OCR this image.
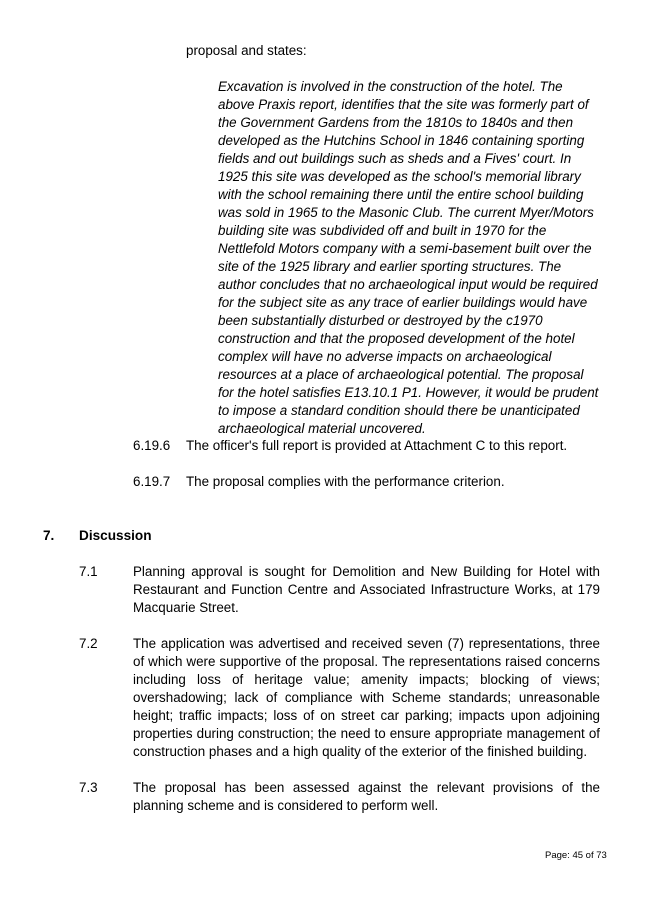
proposal and states:
Excavation is involved in the construction of the hotel. The above Praxis report, identifies that the site was formerly part of the Government Gardens from the 1810s to 1840s and then developed as the Hutchins School in 1846 containing sporting fields and out buildings such as sheds and a Fives' court. In 1925 this site was developed as the school's memorial library with the school remaining there until the entire school building was sold in 1965 to the Masonic Club. The current Myer/Motors building site was subdivided off and built in 1970 for the Nettlefold Motors company with a semi-basement built over the site of the 1925 library and earlier sporting structures. The author concludes that no archaeological input would be required for the subject site as any trace of earlier buildings would have been substantially disturbed or destroyed by the c1970 construction and that the proposed development of the hotel complex will have no adverse impacts on archaeological resources at a place of archaeological potential. The proposal for the hotel satisfies E13.10.1 P1. However, it would be prudent to impose a standard condition should there be unanticipated archaeological material uncovered.
6.19.6 The officer's full report is provided at Attachment C to this report.
6.19.7 The proposal complies with the performance criterion.
7. Discussion
7.1	Planning approval is sought for Demolition and New Building for Hotel with Restaurant and Function Centre and Associated Infrastructure Works, at 179 Macquarie Street.
7.2	The application was advertised and received seven (7) representations, three of which were supportive of the proposal. The representations raised concerns including loss of heritage value; amenity impacts; blocking of views; overshadowing; lack of compliance with Scheme standards; unreasonable height; traffic impacts; loss of on street car parking; impacts upon adjoining properties during construction; the need to ensure appropriate management of construction phases and a high quality of the exterior of the finished building.
7.3	The proposal has been assessed against the relevant provisions of the planning scheme and is considered to perform well.
Page: 45 of 73
